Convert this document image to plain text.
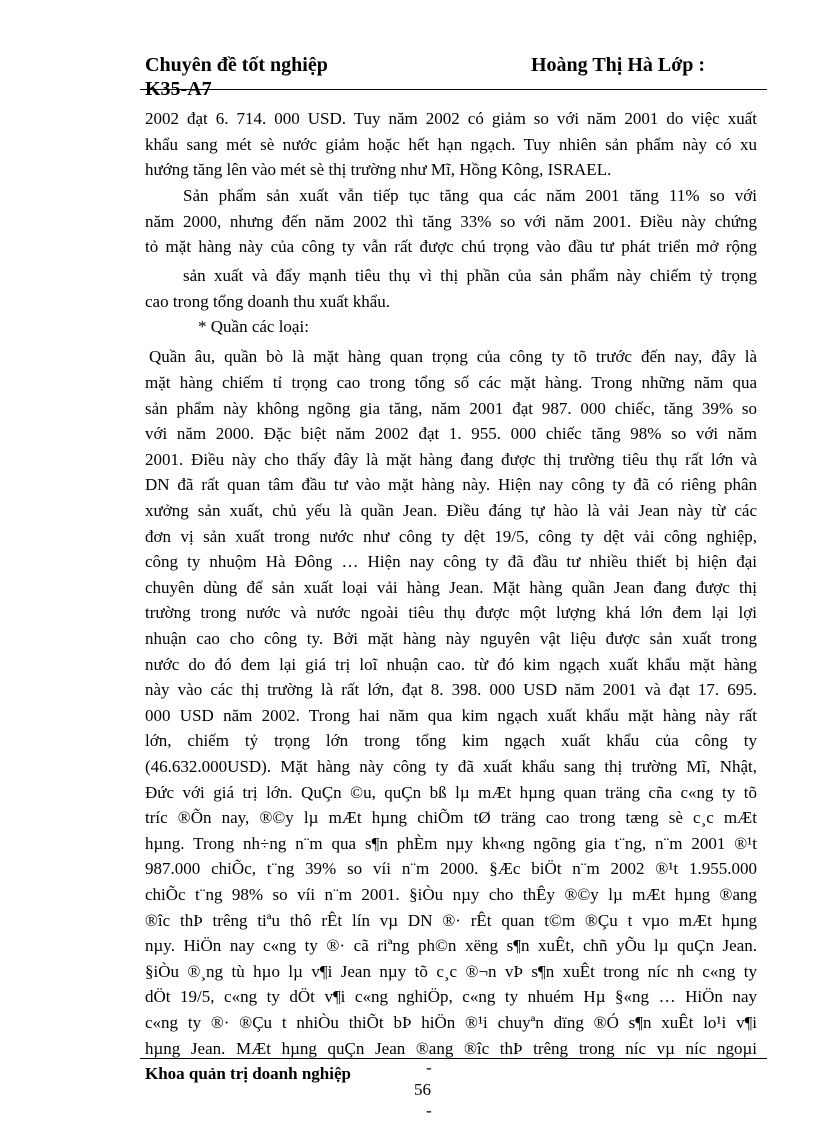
Chuyên đề tốt nghiệp	Hoàng Thị Hà Lớp :
K35-A7
2002 đạt 6. 714. 000 USD. Tuy năm 2002 có giảm so với năm 2001 do việc xuất
khẩu sang mét sè nước giảm hoặc hết hạn ngạch. Tuy nhiên sản phẩm này có xu
hướng tăng lên vào mét sè thị trường như Mĩ, Hồng Kông, ISRAEL.
Sản phẩm sản xuất vẫn tiếp tục tăng qua các năm 2001 tăng 11% so với
năm 2000, nhưng đến năm 2002 thì tăng 33% so với năm 2001. Điều này chứng
tỏ mặt hàng này của công ty vẫn rất được chú trọng vào đầu tư phát triển mở rộng
sản xuất và đẩy mạnh tiêu thụ vì thị phần của sản phẩm này chiếm tỷ trọng
cao trong tổng doanh thu xuất khẩu.
* Quần các loại:
Quần âu, quần bò là mặt hàng quan trọng của công ty tõ trước đến nay, đây là
mặt hàng chiếm tỉ trọng cao trong tổng số các mặt hàng. Trong những năm qua
sản phẩm này không ngõng gia tăng, năm 2001 đạt 987. 000 chiếc, tăng 39% so
với năm 2000. Đặc biệt năm 2002 đạt 1. 955. 000 chiếc tăng 98% so với năm
2001. Điều này cho thấy đây là mặt hàng đang được thị trường tiêu thụ rất lớn và
DN đã rất quan tâm đầu tư vào mặt hàng này. Hiện nay công ty đã có riêng phân
xưởng sản xuất, chủ yếu là quần Jean. Điều đáng tự hào là vải Jean này từ các
đơn vị sản xuất trong nước như công ty dệt 19/5, công ty dệt vải công nghiệp,
công ty nhuộm Hà Đông … Hiện nay công ty đã đầu tư nhiều thiết bị hiện đại
chuyên dùng để sản xuất loại vải hàng Jean. Mặt hàng quần Jean đang được thị
trường trong nước và nước ngoài tiêu thụ được một lượng khá lớn đem lại lợi
nhuận cao cho công ty. Bởi mặt hàng này nguyên vật liệu được sản xuất trong
nước do đó đem lại giá trị loĩ nhuận cao. từ đó kim ngạch xuất khẩu mặt hàng
này vào các thị trường là rất lớn, đạt 8. 398. 000 USD năm 2001 và đạt 17. 695.
000 USD năm 2002. Trong hai năm qua kim ngạch xuất khẩu mặt hàng này rất
lớn, chiếm tỷ trọng lớn trong tổng kim ngạch xuất khẩu của công ty
(46.632.000USD). Mặt hàng này công ty đã xuất khẩu sang thị trường Mĩ, Nhật,
Đức với giá trị lớn. QuÇn ©u, quÇn bß lµ mÆt hµng quan träng cña c«ng ty tõ
tríc ®Õn nay, ®©y lµ mÆt hµng chiÕm tØ träng cao trong tæng sè c¸c mÆt
hµng. Trong nh÷ng n¨m qua s¶n phÈm nµy kh«ng ngõng gia t¨ng, n¨m 2001 ®¹t
987.000 chiÕc, t¨ng 39% so víi n¨m 2000. §Æc biÖt n¨m 2002 ®¹t 1.955.000
chiÕc t¨ng 98% so víi n¨m 2001. §iÒu nµy cho thÊy ®©y lµ mÆt hµng ®ang
®îc thÞ trêng tiªu thô rÊt lín vµ DN ®· rÊt quan t©m ®Çu t vµo mÆt hµng
nµy. HiÖn nay c«ng ty ®· cã riªng ph©n xëng s¶n xuÊt, chñ yÕu lµ quÇn Jean.
§iÒu ®¸ng tù hµo lµ v¶i Jean nµy tõ c¸c ®¬n vÞ s¶n xuÊt trong níc nh c«ng ty
dÖt 19/5, c«ng ty dÖt v¶i c«ng nghiÖp, c«ng ty nhuém Hµ §«ng … HiÖn nay
c«ng ty ®· ®Çu t nhiÒu thiÕt bÞ hiÖn ®¹i chuyªn dïng ®Ó s¶n xuÊt lo¹i v¶i
hµng Jean. MÆt hµng quÇn Jean ®ang ®îc thÞ trêng trong níc vµ níc ngoµi
Khoa quản trị doanh nghiệp	-
56
-
